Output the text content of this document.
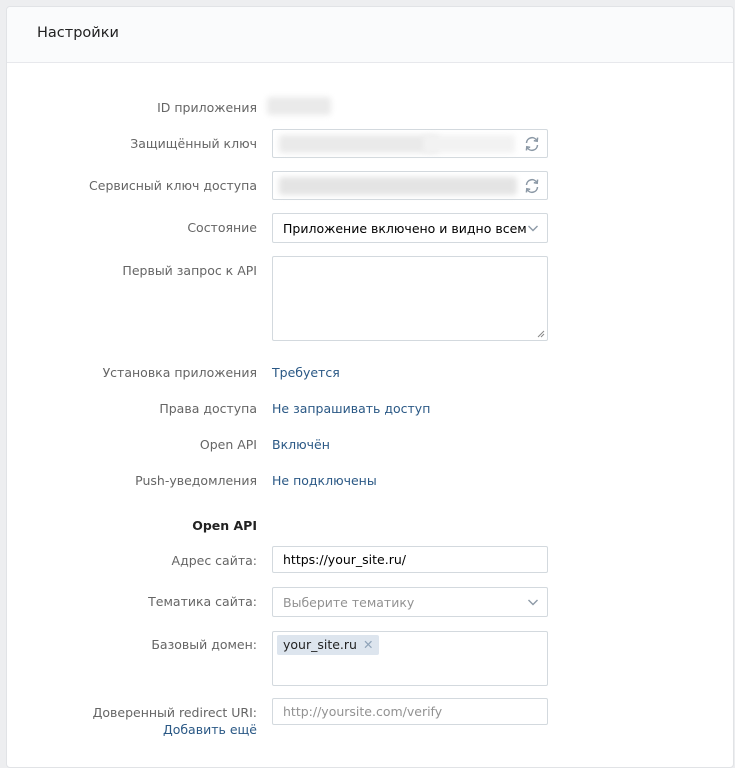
Настройки
ID приложения
Защищённый ключ
Сервисный ключ доступа
Состояние Приложение включено и видно всем
Первый запрос к API
Установка приложения Требуется
Права доступа Не запрашивать доступ
Open API Включён
Push-уведомления Не подключены
Open API
Адрес сайта: https://your_site.ru/
Тематика сайта: Выберите тематику
Базовый домен:	your_site.ru ✕
Доверенный redirect URI: http://yoursite.com/verify
Добавить ещё
